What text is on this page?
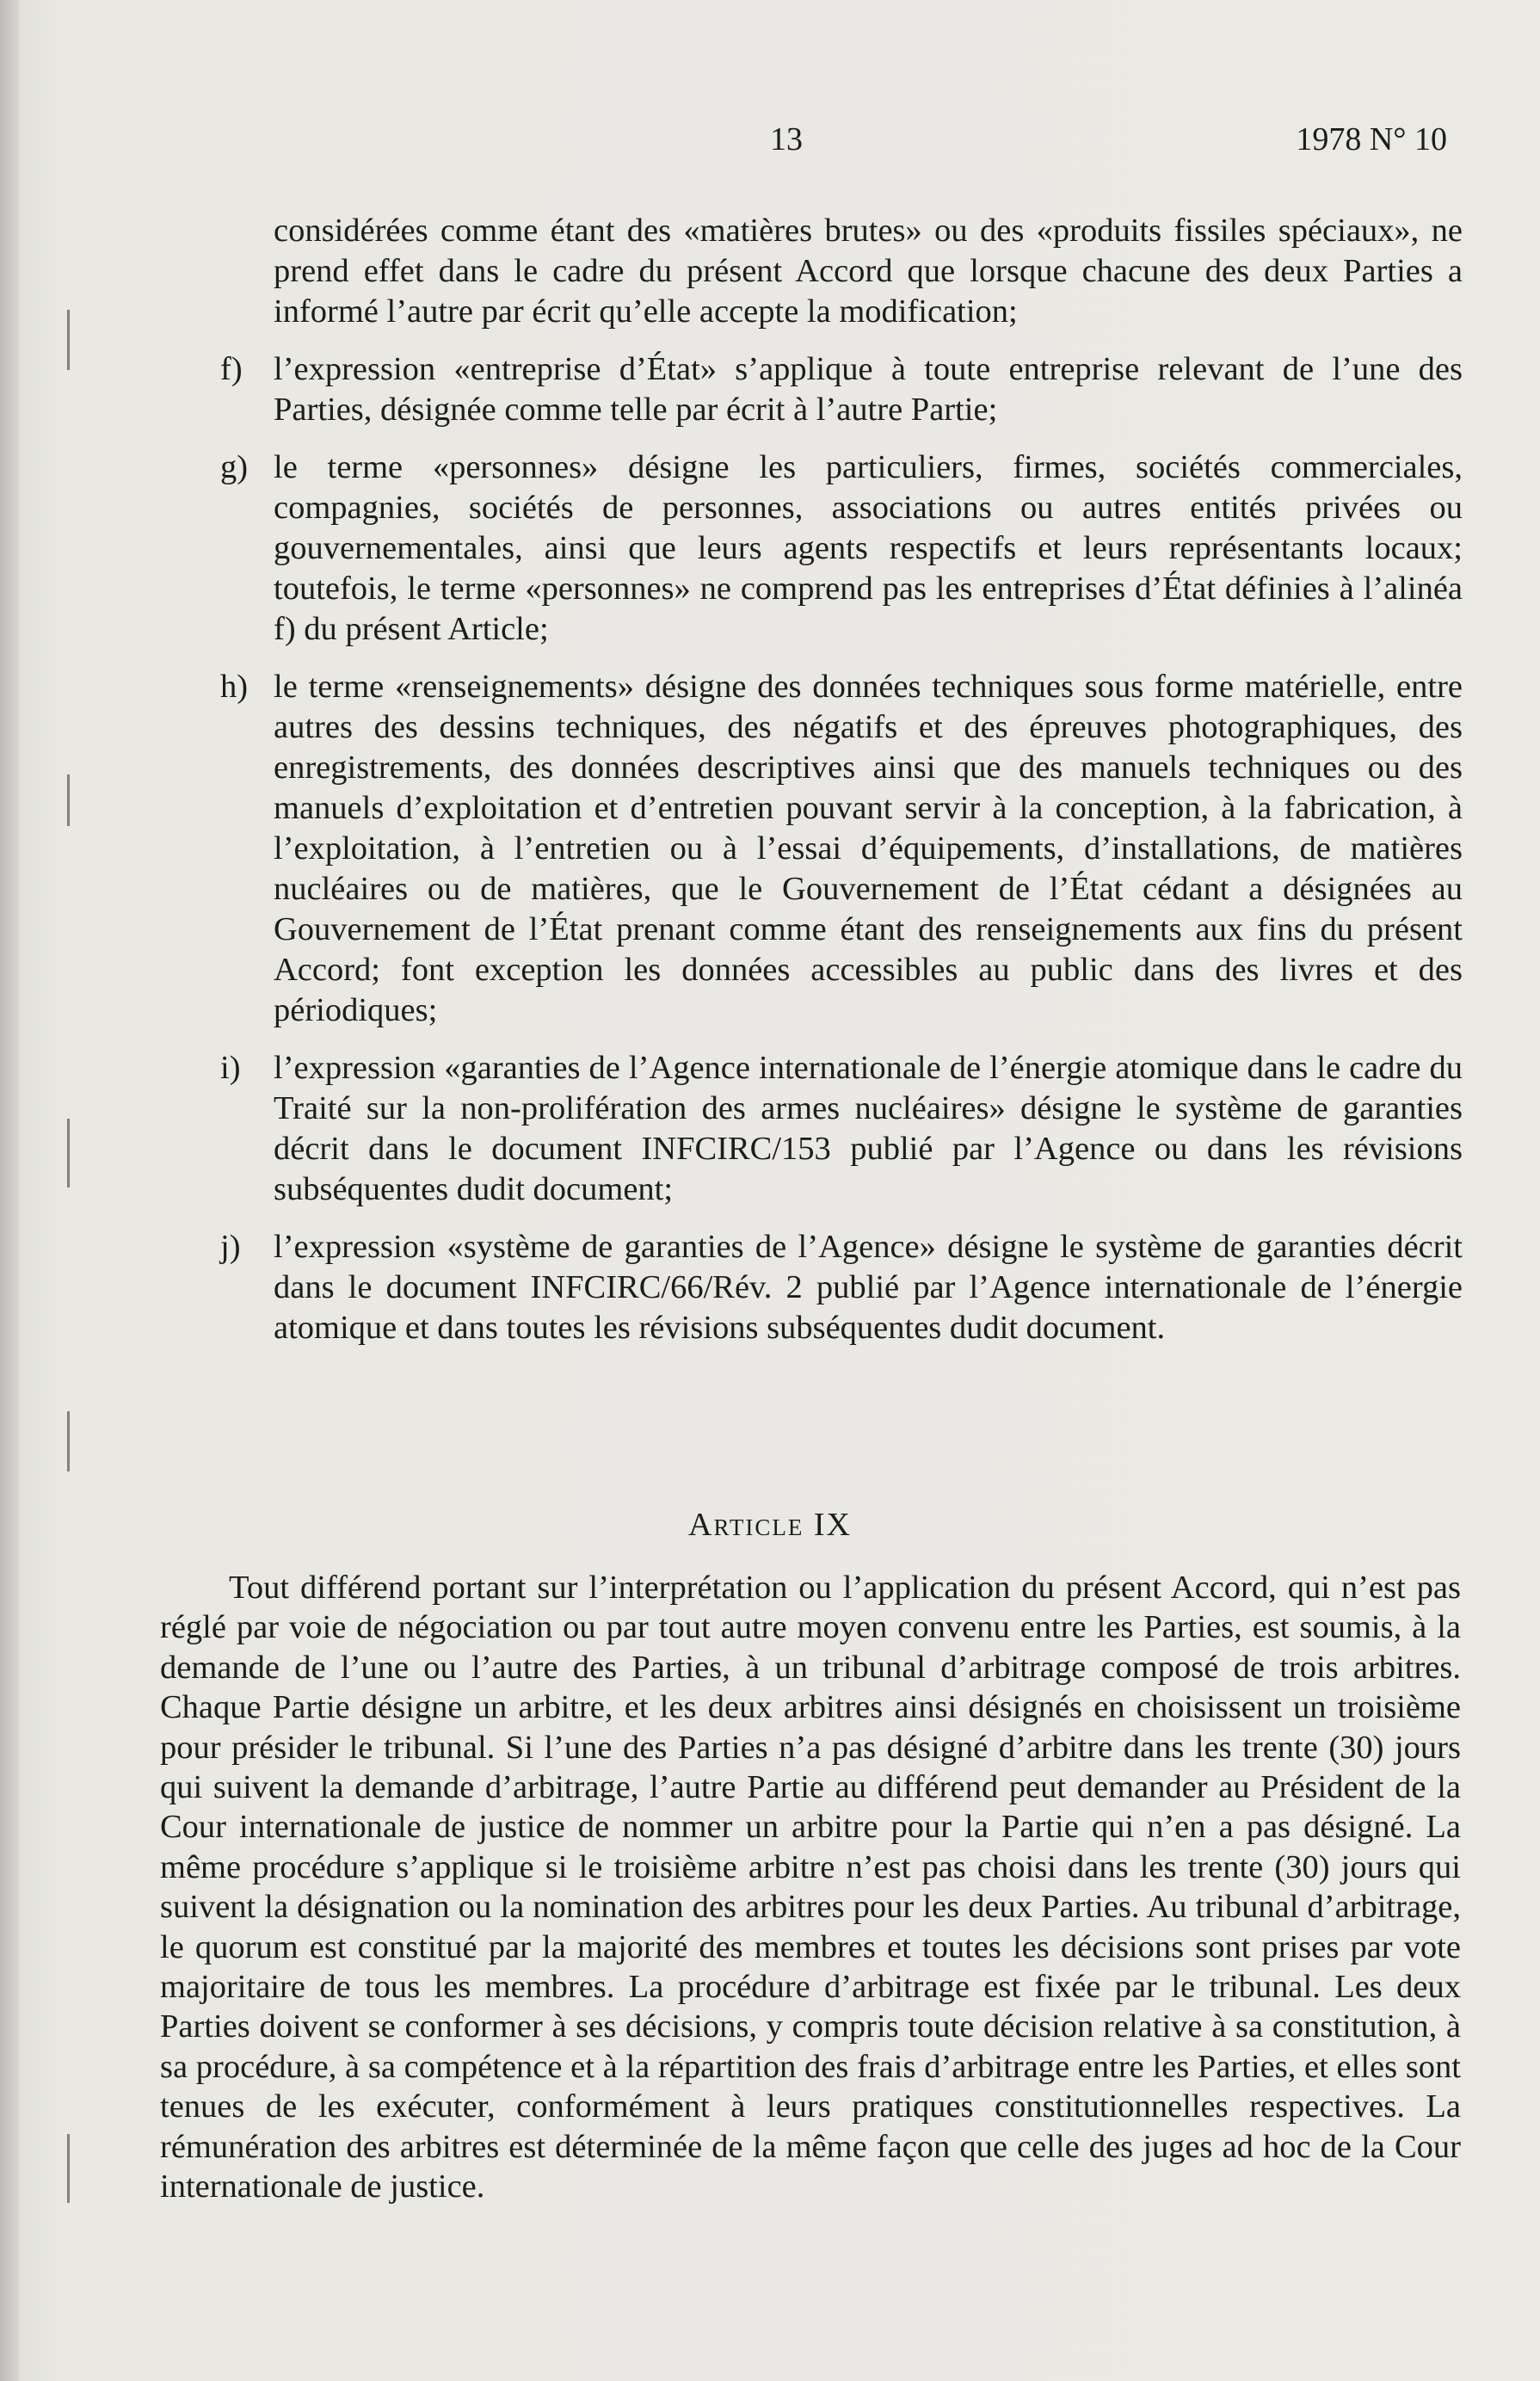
13	1978 N° 10
considérées comme étant des «matières brutes» ou des «produits fissiles spéciaux», ne prend effet dans le cadre du présent Accord que lorsque chacune des deux Parties a informé l’autre par écrit qu’elle accepte la modification;
f) l’expression «entreprise d’État» s’applique à toute entreprise relevant de l’une des Parties, désignée comme telle par écrit à l’autre Partie;
g) le terme «personnes» désigne les particuliers, firmes, sociétés commerciales, compagnies, sociétés de personnes, associations ou autres entités privées ou gouvernementales, ainsi que leurs agents respectifs et leurs représentants locaux; toutefois, le terme «personnes» ne comprend pas les entreprises d’État définies à l’alinéa f) du présent Article;
h) le terme «renseignements» désigne des données techniques sous forme matérielle, entre autres des dessins techniques, des négatifs et des épreuves photographiques, des enregistrements, des données descriptives ainsi que des manuels techniques ou des manuels d’exploitation et d’entretien pouvant servir à la conception, à la fabrication, à l’exploitation, à l’entretien ou à l’essai d’équipements, d’installations, de matières nucléaires ou de matières, que le Gouvernement de l’État cédant a désignées au Gouvernement de l’État prenant comme étant des renseignements aux fins du présent Accord; font exception les données accessibles au public dans des livres et des périodiques;
i) l’expression «garanties de l’Agence internationale de l’énergie atomique dans le cadre du Traité sur la non-prolifération des armes nucléaires» désigne le système de garanties décrit dans le document INFCIRC/153 publié par l’Agence ou dans les révisions subséquentes dudit document;
j) l’expression «système de garanties de l’Agence» désigne le système de garanties décrit dans le document INFCIRC/66/Rév. 2 publié par l’Agence internationale de l’énergie atomique et dans toutes les révisions subséquentes dudit document.
Article IX

Tout différend portant sur l’interprétation ou l’application du présent Accord, qui n’est pas réglé par voie de négociation ou par tout autre moyen convenu entre les Parties, est soumis, à la demande de l’une ou l’autre des Parties, à un tribunal d’arbitrage composé de trois arbitres. Chaque Partie désigne un arbitre, et les deux arbitres ainsi désignés en choisissent un troisième pour présider le tribunal. Si l’une des Parties n’a pas désigné d’arbitre dans les trente (30) jours qui suivent la demande d’arbitrage, l’autre Partie au différend peut demander au Président de la Cour internationale de justice de nommer un arbitre pour la Partie qui n’en a pas désigné. La même procédure s’applique si le troisième arbitre n’est pas choisi dans les trente (30) jours qui suivent la désignation ou la nomination des arbitres pour les deux Parties. Au tribunal d’arbitrage, le quorum est constitué par la majorité des membres et toutes les décisions sont prises par vote majoritaire de tous les membres. La procédure d’arbitrage est fixée par le tribunal. Les deux Parties doivent se conformer à ses décisions, y compris toute décision relative à sa constitution, à sa procédure, à sa compétence et à la répartition des frais d’arbitrage entre les Parties, et elles sont tenues de les exécuter, conformément à leurs pratiques constitutionnelles respectives. La rémunération des arbitres est déterminée de la même façon que celle des juges ad hoc de la Cour internationale de justice.
